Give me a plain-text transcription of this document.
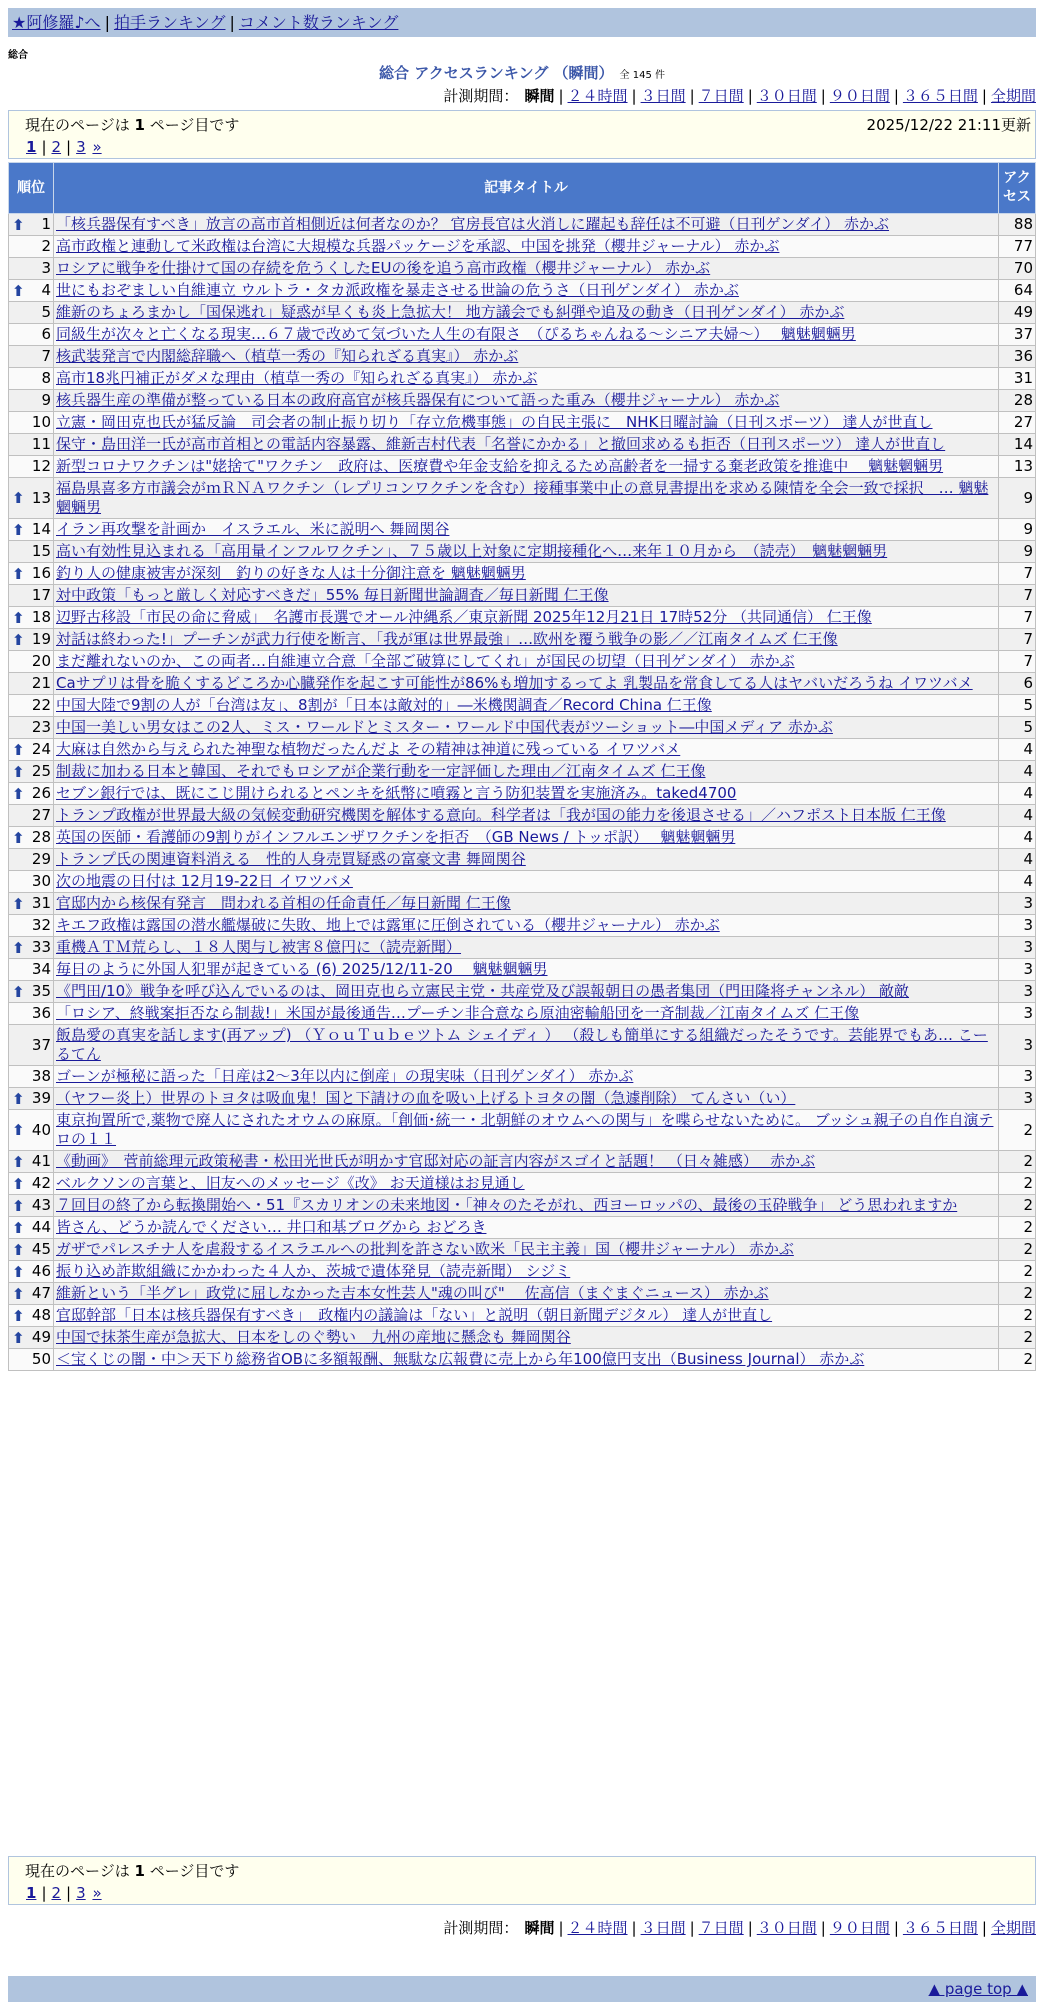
★阿修羅♪へ | 拍手ランキング | コメント数ランキング
総合
総合 アクセスランキング （瞬間） 全 145 件
計測期間： 瞬間 | ２４時間 | ３日間 | ７日間 | ３０日間 | ９０日間 | ３６５日間 | 全期間
現在のページは 1 ページ目です	2025/12/22 21:11更新
1 | 2 | 3 »
順位	記事タイトル	アクセス

⬆ 1	「核兵器保有すべき」放言の高市首相側近は何者なのか？ 官房長官は火消しに躍起も辞任は不可避（日刊ゲンダイ） 赤かぶ	88
2	高市政権と連動して米政権は台湾に大規模な兵器パッケージを承認、中国を挑発（櫻井ジャーナル） 赤かぶ	77
3	ロシアに戦争を仕掛けて国の存続を危うくしたEUの後を追う高市政権（櫻井ジャーナル） 赤かぶ	70

⬆ 4	世にもおぞましい自維連立 ウルトラ・タカ派政権を暴走させる世論の危うさ（日刊ゲンダイ） 赤かぶ	64
5	維新のちょろまかし「国保逃れ」疑惑が早くも炎上急拡大！ 地方議会でも糾弾や追及の動き（日刊ゲンダイ） 赤かぶ	49
6	同級生が次々と亡くなる現実…６７歳で改めて気づいた人生の有限さ　（ぴるちゃんねる～シニア夫婦～）　 魑魅魍魎男	37
7	核武装発言で内閣総辞職へ（植草一秀の『知られざる真実』） 赤かぶ	36
8	高市18兆円補正がダメな理由（植草一秀の『知られざる真実』） 赤かぶ	31
9	核兵器生産の準備が整っている日本の政府高官が核兵器保有について語った重み（櫻井ジャーナル） 赤かぶ	28
10	立憲・岡田克也氏が猛反論　司会者の制止振り切り「存立危機事態」の自民主張に　NHK日曜討論（日刊スポーツ） 達人が世直し	27
11	保守・島田洋一氏が高市首相との電話内容暴露、維新吉村代表「名誉にかかる」と撤回求めるも拒否（日刊スポーツ） 達人が世直し	14
12	新型コロナワクチンは"姥捨て"ワクチン　政府は、医療費や年金支給を抑えるため高齢者を一掃する棄老政策を推進中　 魑魅魍魎男	13

⬆ 13	福島県喜多方市議会がｍＲＮＡワクチン（レプリコンワクチンを含む）接種事業中止の意見書提出を求める陳情を全会一致で採択　… 魑魅魍魎男	9

⬆ 14	イラン再攻撃を計画か　イスラエル、米に説明へ 舞岡関谷	9
15	高い有効性見込まれる「高用量インフルワクチン」、７５歳以上対象に定期接種化へ…来年１０月から　（読売）　魑魅魍魎男	9

⬆ 16	釣り人の健康被害が深刻　釣りの好きな人は十分御注意を 魑魅魍魎男	7
17	対中政策「もっと厳しく対応すべきだ」55% 毎日新聞世論調査／毎日新聞 仁王像	7

⬆ 18	辺野古移設「市民の命に脅威」　名護市長選でオール沖縄系／東京新聞 2025年12月21日 17時52分 （共同通信） 仁王像	7

⬆ 19	対話は終わった!」プーチンが武力行使を断言、「我が軍は世界最強」…欧州を覆う戦争の影／／江南タイムズ 仁王像	7
20	まだ離れないのか、この両者…自維連立合意「全部ご破算にしてくれ」が国民の切望（日刊ゲンダイ） 赤かぶ	7
21	Caサプリは骨を脆くするどころか心臓発作を起こす可能性が86%も増加するってよ 乳製品を常食してる人はヤバいだろうね イワツバメ	6
22	中国大陸で9割の人が「台湾は友」、8割が「日本は敵対的」―米機関調査／Record China 仁王像	5
23	中国一美しい男女はこの2人、ミス・ワールドとミスター・ワールド中国代表がツーショット―中国メディア 赤かぶ	5

⬆ 24	大麻は自然から与えられた神聖な植物だったんだよ その精神は神道に残っている イワツバメ	4

⬆ 25	制裁に加わる日本と韓国、それでもロシアが企業行動を一定評価した理由／江南タイムズ 仁王像	4

⬆ 26	セブン銀行では、既にこじ開けられるとペンキを紙幣に噴霧と言う防犯装置を実施済み。taked4700	4
27	トランプ政権が世界最大級の気候変動研究機関を解体する意向。科学者は「我が国の能力を後退させる」／ハフポスト日本版 仁王像	4

⬆ 28	英国の医師・看護師の9割りがインフルエンザワクチンを拒否　（GB News / トッポ訳）　 魑魅魍魎男	4
29	トランプ氏の関連資料消える　性的人身売買疑惑の富豪文書 舞岡関谷	4
30	次の地震の日付は 12月19-22日 イワツバメ	4

⬆ 31	官邸内から核保有発言　問われる首相の任命責任／毎日新聞 仁王像	3
32	キエフ政権は露国の潜水艦爆破に失敗、地上では露軍に圧倒されている（櫻井ジャーナル） 赤かぶ	3

⬆ 33	重機ＡＴＭ荒らし、１８人関与し被害８億円に（読売新聞）	3
34	毎日のように外国人犯罪が起きている (6) 2025/12/11-20　 魑魅魍魎男	3

⬆ 35	《門田/10》戦争を呼び込んでいるのは、岡田克也ら立憲民主党・共産党及び誤報朝日の愚者集団（門田隆将チャンネル） 敵敵	3
36	「ロシア、終戦案拒否なら制裁!」米国が最後通告…プーチン非合意なら原油密輸船団を一斉制裁／江南タイムズ 仁王像	3
37	飯島愛の真実を話します(再アップ) （ＹｏｕＴｕｂｅツトム シェイディ ） （殺しも簡単にする組織だったそうです。芸能界でもあ… こーるてん	3
38	ゴーンが極秘に語った「日産は2～3年以内に倒産」の現実味（日刊ゲンダイ） 赤かぶ	3

⬆ 39	（ヤフー炎上）世界のトヨタは吸血鬼！国と下請けの血を吸い上げるトヨタの闇（急遽削除） てんさい（い）	3

⬆ 40	東京拘置所で,薬物で廃人にされたオウムの麻原。「創価･統一・北朝鮮のオウムへの関与」を喋らせないために。 ブッシュ親子の自作自演テロの１１	2

⬆ 41	《動画》　菅前総理元政策秘書・松田光世氏が明かす官邸対応の証言内容がスゴイと話題！ （日々雑感）　 赤かぶ	2

⬆ 42	ベルクソンの言葉と、旧友へのメッセージ《改》 お天道様はお見通し	2

⬆ 43	７回目の終了から転換開始へ・51『スカリオンの未来地図・「神々のたそがれ、西ヨーロッパの、最後の玉砕戦争」 どう思われますか	2

⬆ 44	皆さん、どうか読んでください… 井口和基ブログから おどろき	2

⬆ 45	ガザでパレスチナ人を虐殺するイスラエルへの批判を許さない欧米「民主主義」国（櫻井ジャーナル） 赤かぶ	2

⬆ 46	振り込め詐欺組織にかかわった４人か、茨城で遺体発見（読売新聞） シジミ	2

⬆ 47	維新という「半グレ」政党に屈しなかった吉本女性芸人"魂の叫び"　 佐高信（まぐまぐニュース） 赤かぶ	2

⬆ 48	官邸幹部「日本は核兵器保有すべき」　政権内の議論は「ない」と説明（朝日新聞デジタル） 達人が世直し	2

⬆ 49	中国で抹茶生産が急拡大、日本をしのぐ勢い　九州の産地に懸念も 舞岡関谷	2
50	＜宝くじの闇・中＞天下り総務省OBに多額報酬、無駄な広報費に売上から年100億円支出（Business Journal） 赤かぶ	2
計測期間： 瞬間 | ２４時間 | ３日間 | ７日間 | ３０日間 | ９０日間 | ３６５日間 | 全期間
現在のページは 1 ページ目です
1 | 2 | 3 »
▲ page top ▲
